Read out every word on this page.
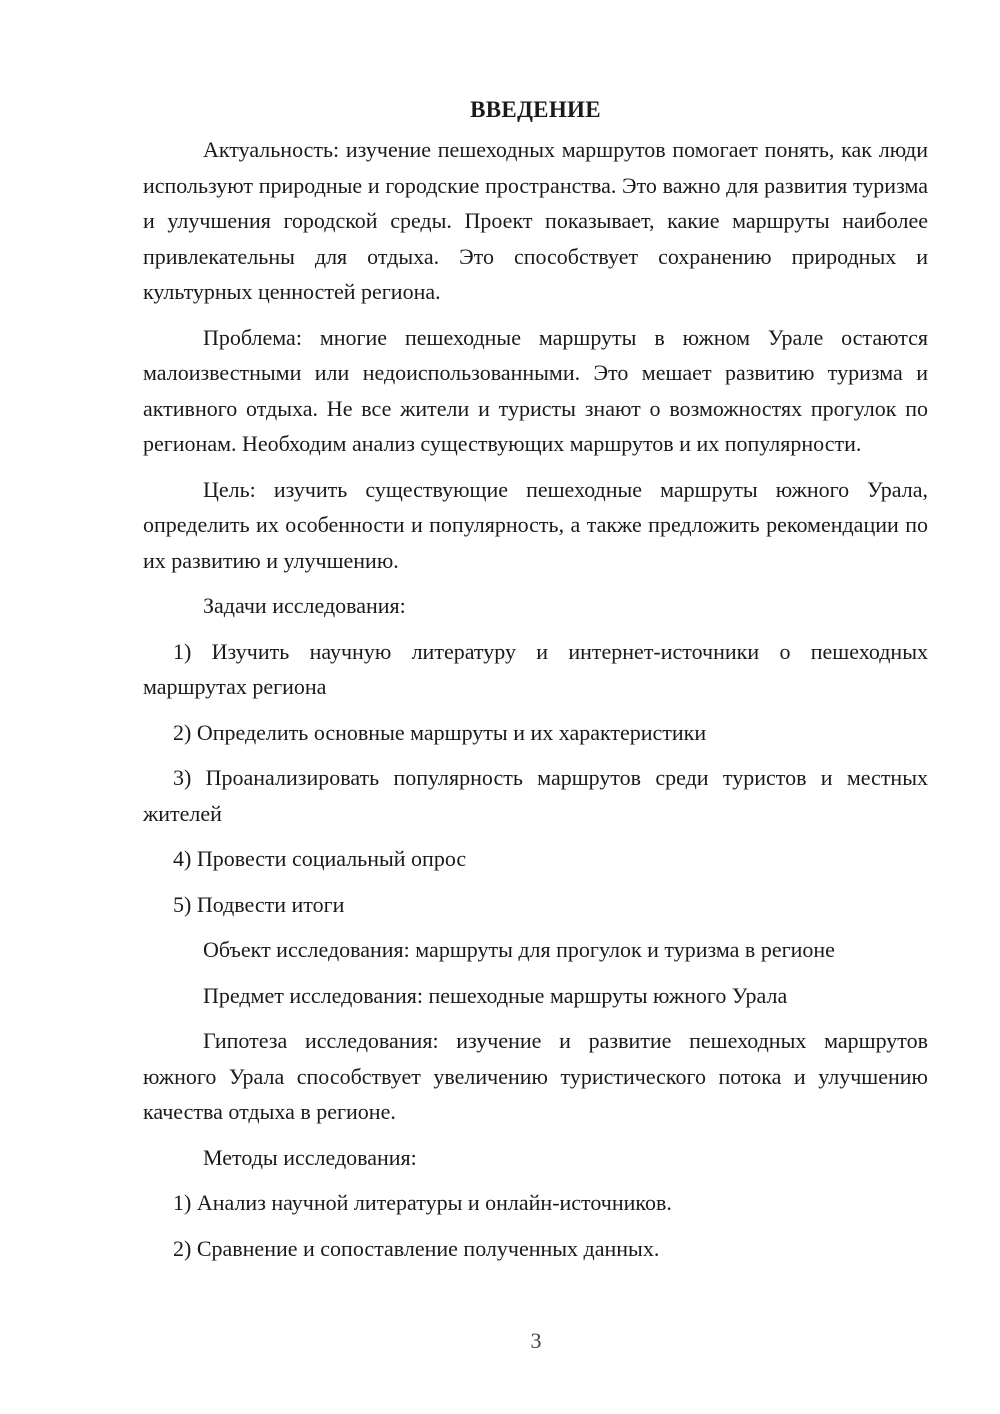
ВВЕДЕНИЕ

Актуальность: изучение пешеходных маршрутов помогает понять, как люди используют природные и городские пространства. Это важно для развития туризма и улучшения городской среды. Проект показывает, какие маршруты наиболее привлекательны для отдыха. Это способствует сохранению природных и культурных ценностей региона.

Проблема: многие пешеходные маршруты в южном Урале остаются малоизвестными или недоиспользованными. Это мешает развитию туризма и активного отдыха. Не все жители и туристы знают о возможностях прогулок по регионам. Необходим анализ существующих маршрутов и их популярности.

Цель: изучить существующие пешеходные маршруты южного Урала, определить их особенности и популярность, а также предложить рекомендации по их развитию и улучшению.

Задачи исследования:

1) Изучить научную литературу и интернет-источники о пешеходных маршрутах региона

2) Определить основные маршруты и их характеристики

3) Проанализировать популярность маршрутов среди туристов и местных жителей

4) Провести социальный опрос

5) Подвести итоги

Объект исследования: маршруты для прогулок и туризма в регионе

Предмет исследования: пешеходные маршруты южного Урала

Гипотеза исследования: изучение и развитие пешеходных маршрутов южного Урала способствует увеличению туристического потока и улучшению качества отдыха в регионе.

Методы исследования:

1) Анализ научной литературы и онлайн-источников.

2) Сравнение и сопоставление полученных данных.

3
